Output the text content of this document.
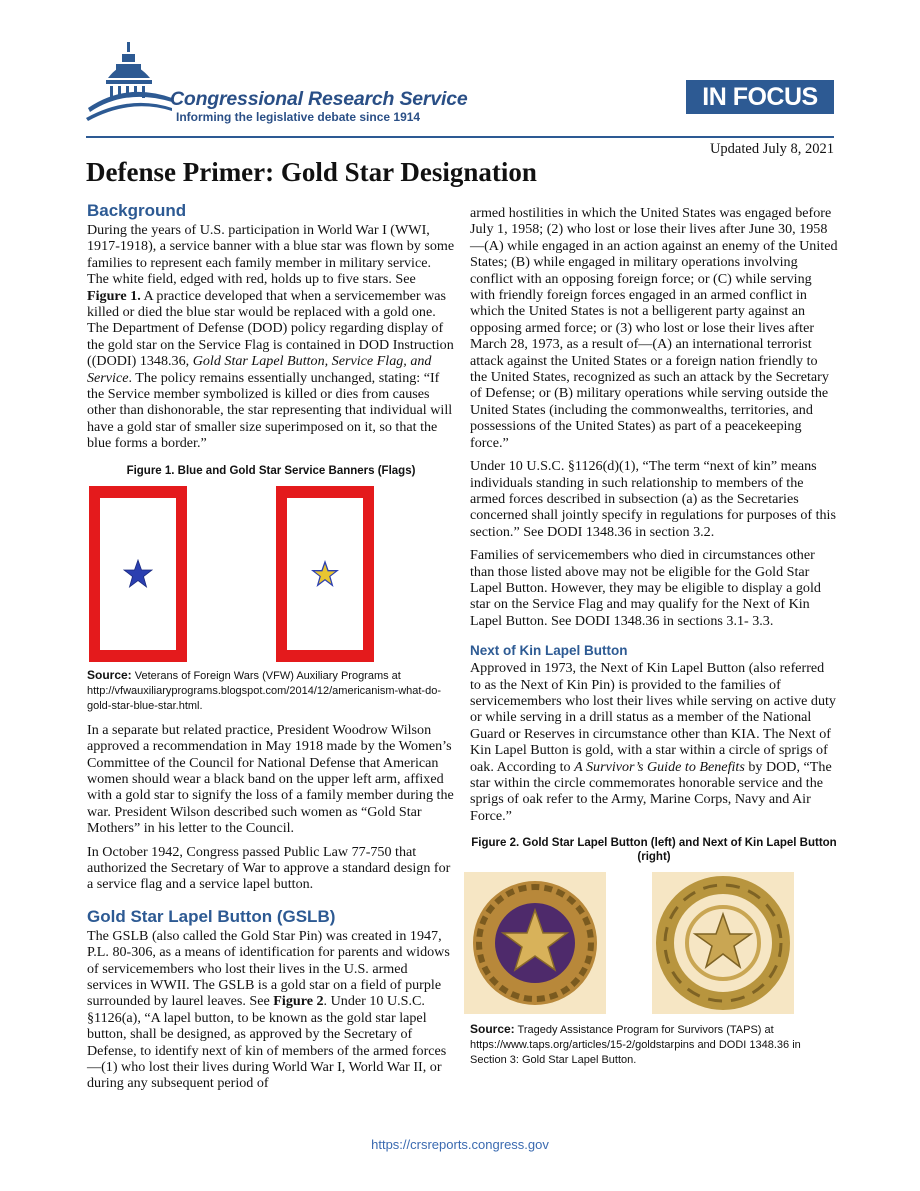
Congressional Research Service
Informing the legislative debate since 1914
IN FOCUS
Updated July 8, 2021
Defense Primer: Gold Star Designation
Background

During the years of U.S. participation in World War I (WWI, 1917-1918), a service banner with a blue star was flown by some families to represent each family member in military service. The white field, edged with red, holds up to five stars. See Figure 1. A practice developed that when a servicemember was killed or died the blue star would be replaced with a gold one. The Department of Defense (DOD) policy regarding display of the gold star on the Service Flag is contained in DOD Instruction ((DODI) 1348.36, Gold Star Lapel Button, Service Flag, and Service. The policy remains essentially unchanged, stating: “If the Service member symbolized is killed or dies from causes other than dishonorable, the star representing that individual will have a gold star of smaller size superimposed on it, so that the blue forms a border.”

Figure 1. Blue and Gold Star Service Banners (Flags)
Source: Veterans of Foreign Wars (VFW) Auxiliary Programs at http://vfwauxiliaryprograms.blogspot.com/2014/12/americanism-what-do-gold-star-blue-star.html.

In a separate but related practice, President Woodrow Wilson approved a recommendation in May 1918 made by the Women’s Committee of the Council for National Defense that American women should wear a black band on the upper left arm, affixed with a gold star to signify the loss of a family member during the war. President Wilson described such women as “Gold Star Mothers” in his letter to the Council.

In October 1942, Congress passed Public Law 77-750 that authorized the Secretary of War to approve a standard design for a service flag and a service lapel button.

Gold Star Lapel Button (GSLB)

The GSLB (also called the Gold Star Pin) was created in 1947, P.L. 80-306, as a means of identification for parents and widows of servicemembers who lost their lives in the U.S. armed services in WWII. The GSLB is a gold star on a field of purple surrounded by laurel leaves. See Figure 2. Under 10 U.S.C. §1126(a), “A lapel button, to be known as the gold star lapel button, shall be designed, as approved by the Secretary of Defense, to identify next of kin of members of the armed forces—(1) who lost their lives during World War I, World War II, or during any subsequent period of

armed hostilities in which the United States was engaged before July 1, 1958; (2) who lost or lose their lives after June 30, 1958—(A) while engaged in an action against an enemy of the United States; (B) while engaged in military operations involving conflict with an opposing foreign force; or (C) while serving with friendly foreign forces engaged in an armed conflict in which the United States is not a belligerent party against an opposing armed force; or (3) who lost or lose their lives after March 28, 1973, as a result of—(A) an international terrorist attack against the United States or a foreign nation friendly to the United States, recognized as such an attack by the Secretary of Defense; or (B) military operations while serving outside the United States (including the commonwealths, territories, and possessions of the United States) as part of a peacekeeping force.”

Under 10 U.S.C. §1126(d)(1), “The term “next of kin” means individuals standing in such relationship to members of the armed forces described in subsection (a) as the Secretaries concerned shall jointly specify in regulations for purposes of this section.” See DODI 1348.36 in section 3.2.

Families of servicemembers who died in circumstances other than those listed above may not be eligible for the Gold Star Lapel Button. However, they may be eligible to display a gold star on the Service Flag and may qualify for the Next of Kin Lapel Button. See DODI 1348.36 in sections 3.1- 3.3.

Next of Kin Lapel Button

Approved in 1973, the Next of Kin Lapel Button (also referred to as the Next of Kin Pin) is provided to the families of servicemembers who lost their lives while serving on active duty or while serving in a drill status as a member of the National Guard or Reserves in circumstance other than KIA. The Next of Kin Lapel Button is gold, with a star within a circle of sprigs of oak. According to A Survivor’s Guide to Benefits by DOD, “The star within the circle commemorates honorable service and the sprigs of oak refer to the Army, Marine Corps, Navy and Air Force.”

Figure 2. Gold Star Lapel Button (left) and Next of Kin Lapel Button (right)
Source: Tragedy Assistance Program for Survivors (TAPS) at https://www.taps.org/articles/15-2/goldstarpins and DODI 1348.36 in Section 3: Gold Star Lapel Button.
https://crsreports.congress.gov
